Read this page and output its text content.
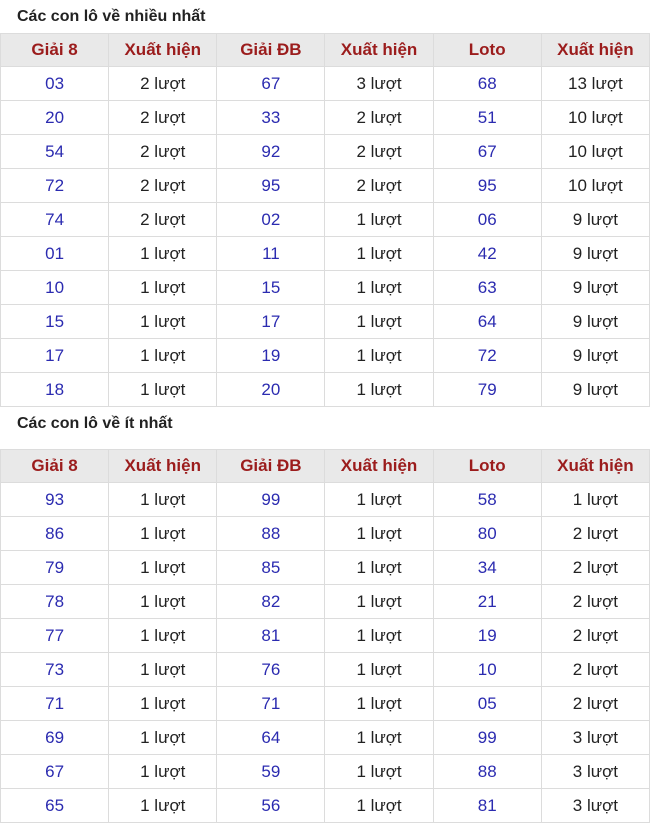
Các con lô về nhiều nhất
Giải 8	Xuất hiện	Giải ĐB	Xuất hiện	Loto	Xuất hiện
03	2 lượt	67	3 lượt	68	13 lượt
20	2 lượt	33	2 lượt	51	10 lượt
54	2 lượt	92	2 lượt	67	10 lượt
72	2 lượt	95	2 lượt	95	10 lượt
74	2 lượt	02	1 lượt	06	9 lượt
01	1 lượt	11	1 lượt	42	9 lượt
10	1 lượt	15	1 lượt	63	9 lượt
15	1 lượt	17	1 lượt	64	9 lượt
17	1 lượt	19	1 lượt	72	9 lượt
18	1 lượt	20	1 lượt	79	9 lượt
Các con lô về ít nhất
Giải 8	Xuất hiện	Giải ĐB	Xuất hiện	Loto	Xuất hiện
93	1 lượt	99	1 lượt	58	1 lượt
86	1 lượt	88	1 lượt	80	2 lượt
79	1 lượt	85	1 lượt	34	2 lượt
78	1 lượt	82	1 lượt	21	2 lượt
77	1 lượt	81	1 lượt	19	2 lượt
73	1 lượt	76	1 lượt	10	2 lượt
71	1 lượt	71	1 lượt	05	2 lượt
69	1 lượt	64	1 lượt	99	3 lượt
67	1 lượt	59	1 lượt	88	3 lượt
65	1 lượt	56	1 lượt	81	3 lượt
